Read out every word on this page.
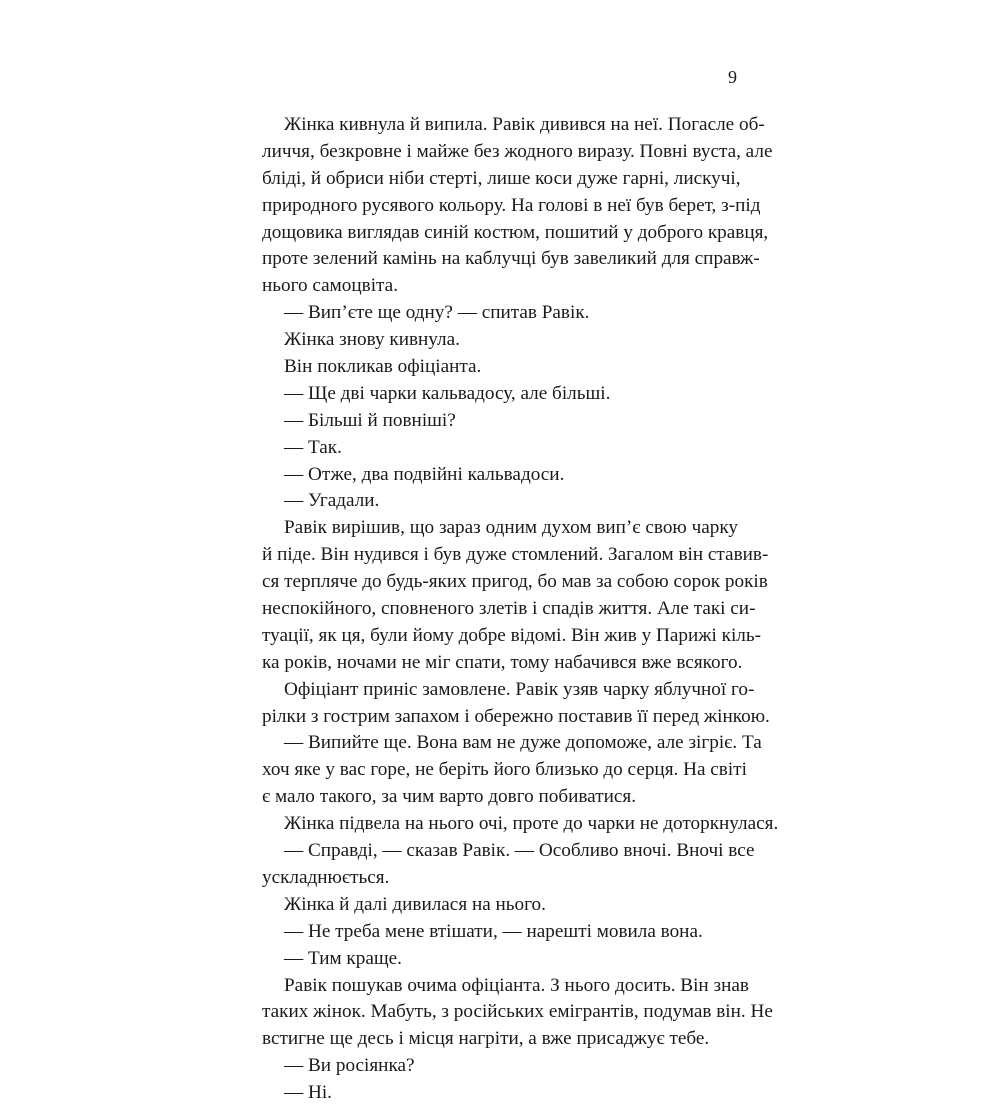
9
Жінка кивнула й випила. Равік дивився на неї. Погасле об-
личчя, безкровне і майже без жодного виразу. Повні вуста, але
бліді, й обриси ніби стерті, лише коси дуже гарні, лискучі,
природного русявого кольору. На голові в неї був берет, з-під
дощовика виглядав синій костюм, пошитий у доброго кравця,
проте зелений камінь на каблучці був завеликий для справж-
нього самоцвіта.
— Вип’єте ще одну? — спитав Равік.
Жінка знову кивнула.
Він покликав офіціанта.
— Ще дві чарки кальвадосу, але більші.
— Більші й повніші?
— Так.
— Отже, два подвійні кальвадоси.
— Угадали.
Равік вирішив, що зараз одним духом вип’є свою чарку
й піде. Він нудився і був дуже стомлений. Загалом він ставив-
ся терпляче до будь-яких пригод, бо мав за собою сорок років
неспокійного, сповненого злетів і спадів життя. Але такі си-
туації, як ця, були йому добре відомі. Він жив у Парижі кіль-
ка років, ночами не міг спати, тому набачився вже всякого.
Офіціант приніс замовлене. Равік узяв чарку яблучної го-
рілки з гострим запахом і обережно поставив її перед жінкою.
— Випийте ще. Вона вам не дуже допоможе, але зігріє. Та
хоч яке у вас горе, не беріть його близько до серця. На світі
є мало такого, за чим варто довго побиватися.
Жінка підвела на нього очі, проте до чарки не доторкнулася.
— Справді, — сказав Равік. — Особливо вночі. Вночі все
ускладнюється.
Жінка й далі дивилася на нього.
— Не треба мене втішати, — нарешті мовила вона.
— Тим краще.
Равік пошукав очима офіціанта. З нього досить. Він знав
таких жінок. Мабуть, з російських емігрантів, подумав він. Не
встигне ще десь і місця нагріти, а вже присаджує тебе.
— Ви росіянка?
— Ні.
